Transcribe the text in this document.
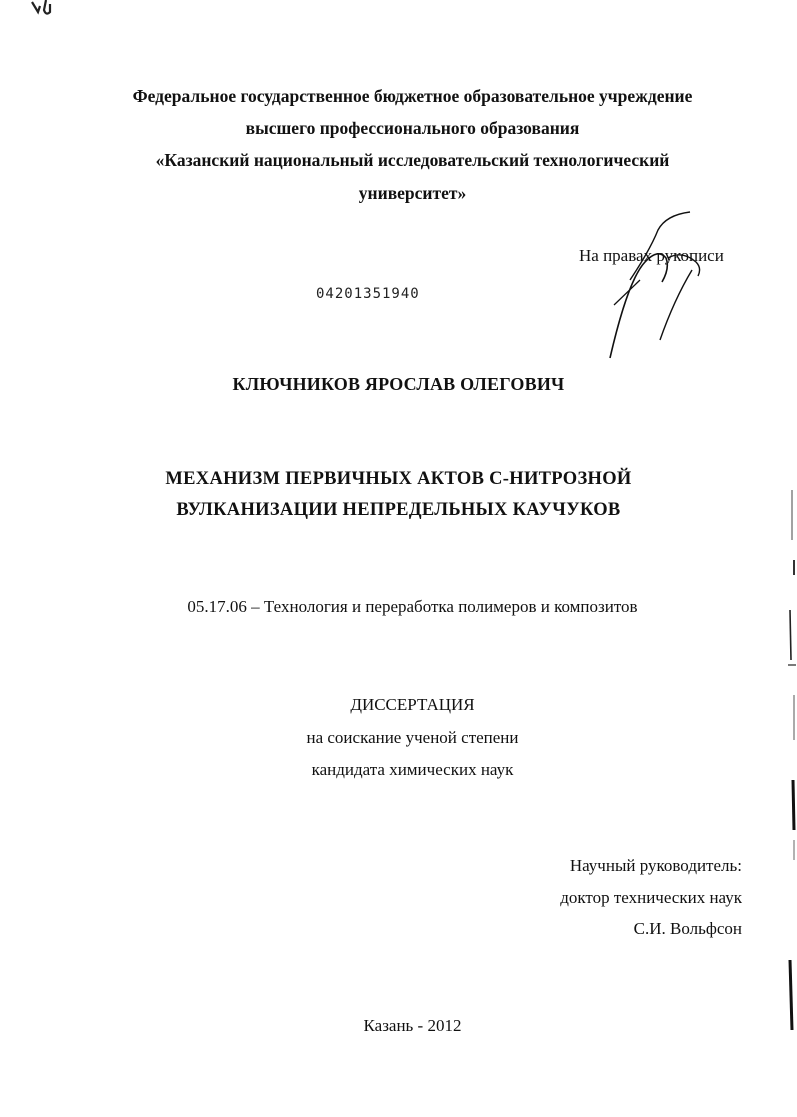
Федеральное государственное бюджетное образовательное учреждение
высшего профессионального образования
«Казанский национальный исследовательский технологический
университет»
На правах рукописи
04201351940
КЛЮЧНИКОВ ЯРОСЛАВ ОЛЕГОВИЧ
МЕХАНИЗМ ПЕРВИЧНЫХ АКТОВ С-НИТРОЗНОЙ
ВУЛКАНИЗАЦИИ НЕПРЕДЕЛЬНЫХ КАУЧУКОВ
05.17.06 – Технология и переработка полимеров и композитов
ДИССЕРТАЦИЯ
на соискание ученой степени
кандидата химических наук
Научный руководитель:
доктор технических наук
С.И. Вольфсон
Казань - 2012
